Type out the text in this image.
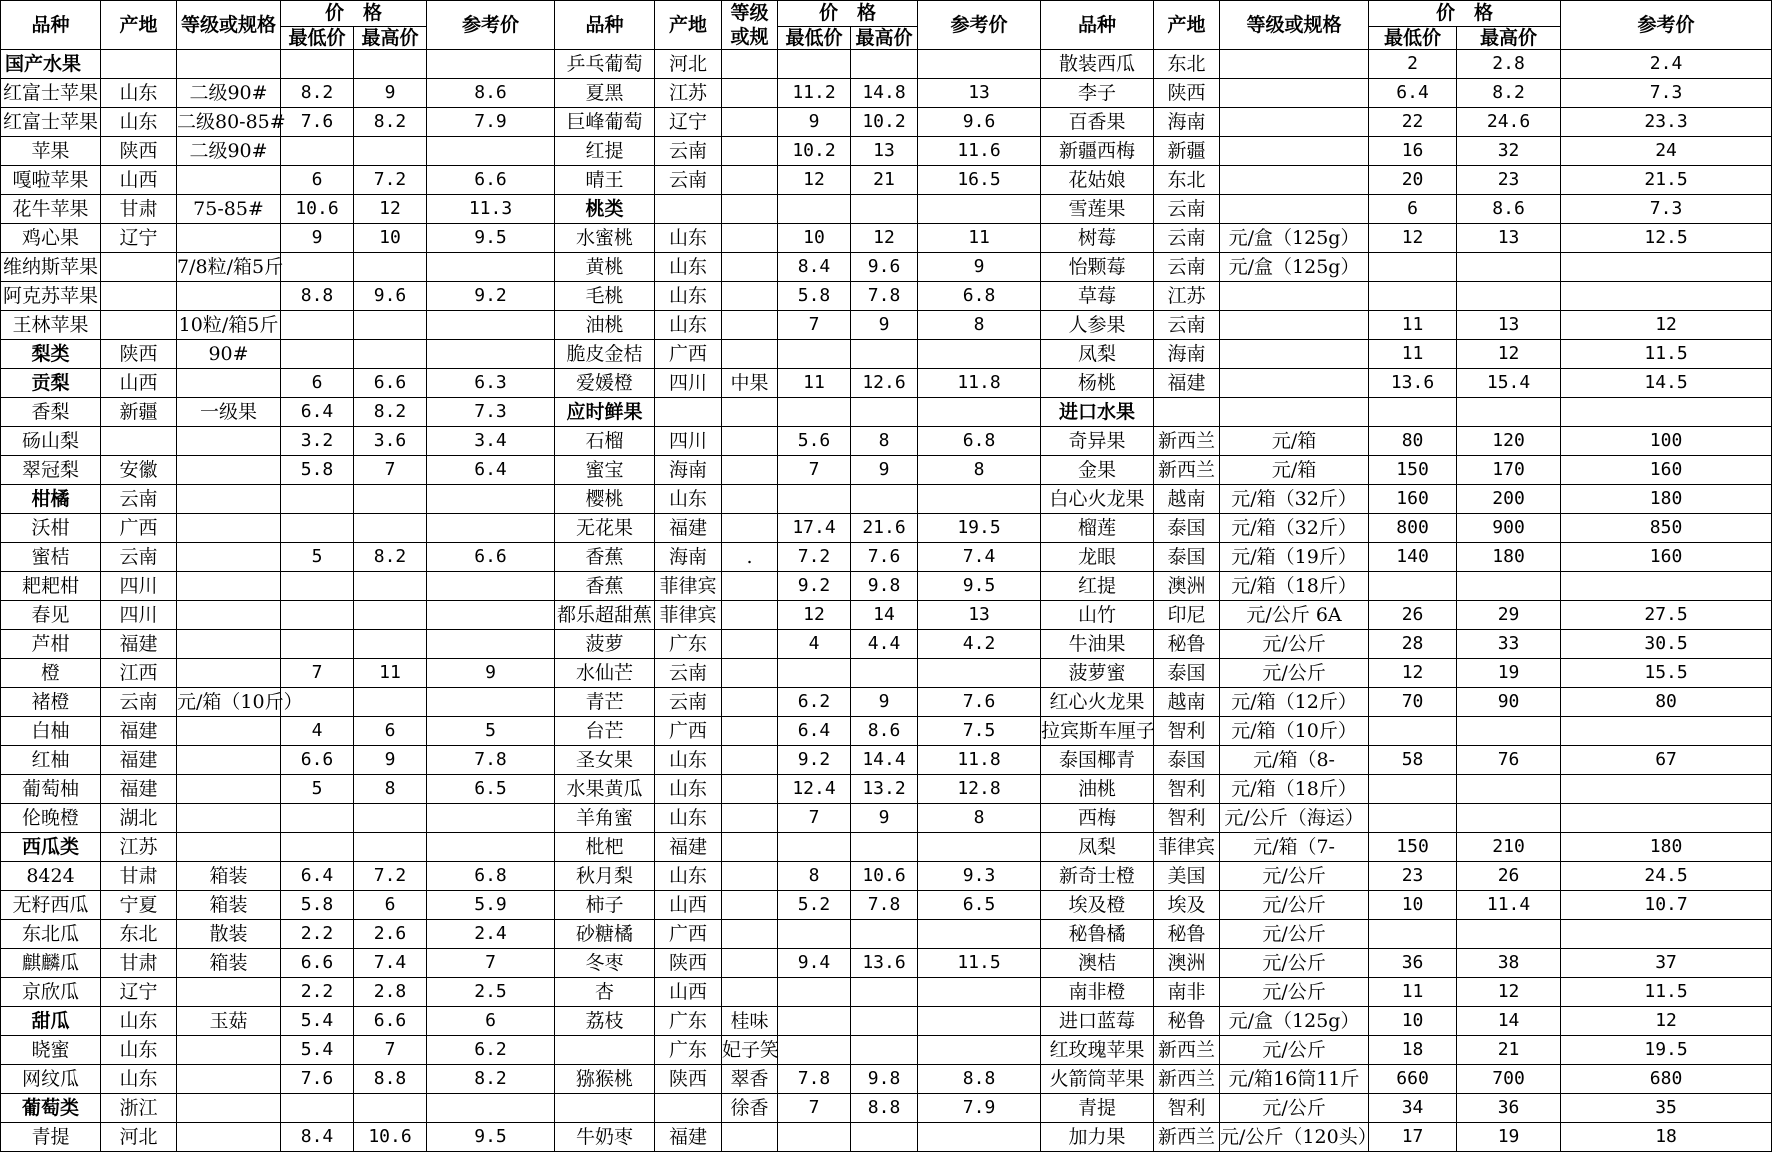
品种	产地	等级或规格	价　格		参考价	品种	产地	等级或规	价　格		参考价	品种	产地	等级或规格	价　格		参考价
			最低价	最高价					最低价	最高价					最低价	最高价	
国产水果						乒乓葡萄	河北					散装西瓜	东北		2	2.8	2.4
红富士苹果	山东	二级90#	8.2	9	8.6	夏黑	江苏		11.2	14.8	13	李子	陕西		6.4	8.2	7.3
红富士苹果	山东	二级80-85#	7.6	8.2	7.9	巨峰葡萄	辽宁		9	10.2	9.6	百香果	海南		22	24.6	23.3
苹果	陕西	二级90#				红提	云南		10.2	13	11.6	新疆西梅	新疆		16	32	24
嘎啦苹果	山西		6	7.2	6.6	晴王	云南		12	21	16.5	花姑娘	东北		20	23	21.5
花牛苹果	甘肃	75-85#	10.6	12	11.3	桃类						雪莲果	云南		6	8.6	7.3
鸡心果	辽宁		9	10	9.5	水蜜桃	山东		10	12	11	树莓	云南	元/盒（125g）	12	13	12.5
维纳斯苹果		7/8粒/箱5斤				黄桃	山东		8.4	9.6	9	怡颗莓	云南	元/盒（125g）			
阿克苏苹果			8.8	9.6	9.2	毛桃	山东		5.8	7.8	6.8	草莓	江苏				
王林苹果		10粒/箱5斤				油桃	山东		7	9	8	人参果	云南		11	13	12
梨类	陕西	90#				脆皮金桔	广西					凤梨	海南		11	12	11.5
贡梨	山西		6	6.6	6.3	爱媛橙	四川	中果	11	12.6	11.8	杨桃	福建		13.6	15.4	14.5
香梨	新疆	一级果	6.4	8.2	7.3	应时鲜果						进口水果					
砀山梨			3.2	3.6	3.4	石榴	四川		5.6	8	6.8	奇异果	新西兰	元/箱	80	120	100
翠冠梨	安徽		5.8	7	6.4	蜜宝	海南		7	9	8	金果	新西兰	元/箱	150	170	160
柑橘	云南					樱桃	山东					白心火龙果	越南	元/箱（32斤）	160	200	180
沃柑	广西					无花果	福建		17.4	21.6	19.5	榴莲	泰国	元/箱（32斤）	800	900	850
蜜桔	云南		5	8.2	6.6	香蕉	海南	.	7.2	7.6	7.4	龙眼	泰国	元/箱（19斤）	140	180	160
耙耙柑	四川					香蕉	菲律宾		9.2	9.8	9.5	红提	澳洲	元/箱（18斤）			
春见	四川					都乐超甜蕉	菲律宾		12	14	13	山竹	印尼	元/公斤 6A	26	29	27.5
芦柑	福建					菠萝	广东		4	4.4	4.2	牛油果	秘鲁	元/公斤	28	33	30.5
橙	江西		7	11	9	水仙芒	云南					菠萝蜜	泰国	元/公斤	12	19	15.5
褚橙	云南	元/箱（10斤）				青芒	云南		6.2	9	7.6	红心火龙果	越南	元/箱（12斤）	70	90	80
白柚	福建		4	6	5	台芒	广西		6.4	8.6	7.5	拉宾斯车厘子	智利	元/箱（10斤）			
红柚	福建		6.6	9	7.8	圣女果	山东		9.2	14.4	11.8	泰国椰青	泰国	元/箱（8-	58	76	67
葡萄柚	福建		5	8	6.5	水果黄瓜	山东		12.4	13.2	12.8	油桃	智利	元/箱（18斤）			
伦晚橙	湖北					羊角蜜	山东		7	9	8	西梅	智利	元/公斤（海运）			
西瓜类	江苏					枇杷	福建					凤梨	菲律宾	元/箱（7-	150	210	180
8424	甘肃	箱装	6.4	7.2	6.8	秋月梨	山东		8	10.6	9.3	新奇士橙	美国	元/公斤	23	26	24.5
无籽西瓜	宁夏	箱装	5.8	6	5.9	柿子	山西		5.2	7.8	6.5	埃及橙	埃及	元/公斤	10	11.4	10.7
东北瓜	东北	散装	2.2	2.6	2.4	砂糖橘	广西					秘鲁橘	秘鲁	元/公斤			
麒麟瓜	甘肃	箱装	6.6	7.4	7	冬枣	陕西		9.4	13.6	11.5	澳桔	澳洲	元/公斤	36	38	37
京欣瓜	辽宁		2.2	2.8	2.5	杏	山西					南非橙	南非	元/公斤	11	12	11.5
甜瓜	山东	玉菇	5.4	6.6	6	荔枝	广东	桂味				进口蓝莓	秘鲁	元/盒（125g）	10	14	12
晓蜜	山东		5.4	7	6.2		广东	妃子笑				红玫瑰苹果	新西兰	元/公斤	18	21	19.5
网纹瓜	山东		7.6	8.8	8.2	猕猴桃	陕西	翠香	7.8	9.8	8.8	火箭筒苹果	新西兰	元/箱16筒11斤	660	700	680
葡萄类	浙江							徐香	7	8.8	7.9	青提	智利	元/公斤	34	36	35
青提	河北		8.4	10.6	9.5	牛奶枣	福建					加力果	新西兰	元/公斤（120头）	17	19	18
